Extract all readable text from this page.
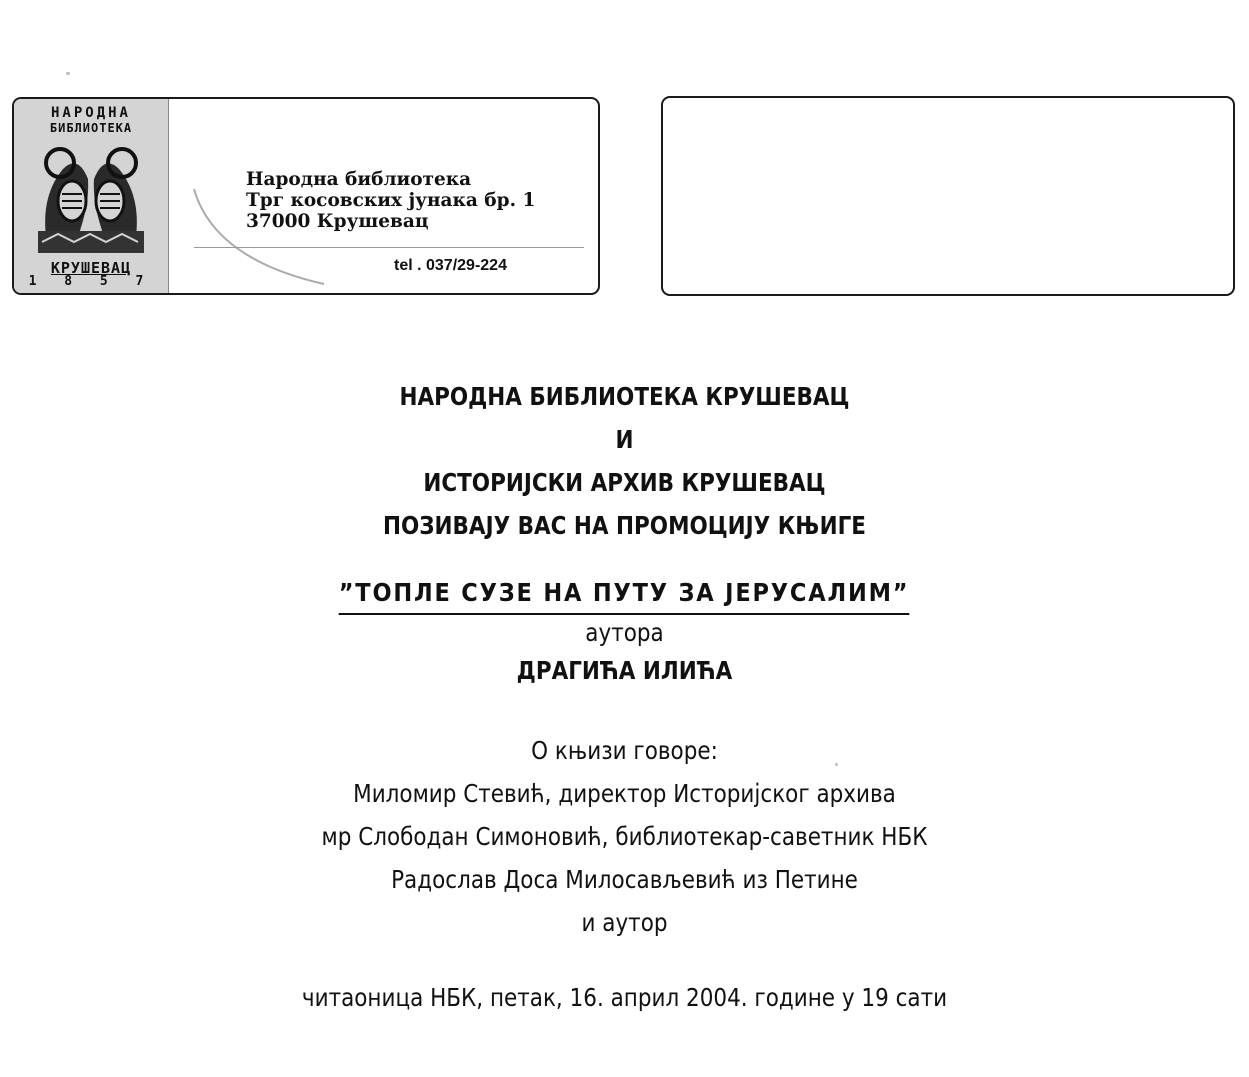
НАРОДНА
БИБЛИОТЕКА
КРУШЕВАЦ
1 8 5 7
Народна библиотека
Трг косовских јунака бр. 1
37000 Крушевац
tel . 037/29-224
НАРОДНА БИБЛИОТЕКА КРУШЕВАЦ
И
ИСТОРИЈСКИ АРХИВ КРУШЕВАЦ
ПОЗИВАЈУ ВАС НА ПРОМОЦИЈУ КЊИГЕ
”ТОПЛЕ СУЗЕ НА ПУТУ ЗА ЈЕРУСАЛИМ”
аутора
ДРАГИЋА ИЛИЋА
О књизи говоре:
Миломир Стевић, директор Историјског архива
мр Слободан Симоновић, библиотекар-саветник НБК
Радослав Доса Милосављевић из Петине
и аутор
читаоница НБК, петак, 16. април 2004. године у 19 сати
